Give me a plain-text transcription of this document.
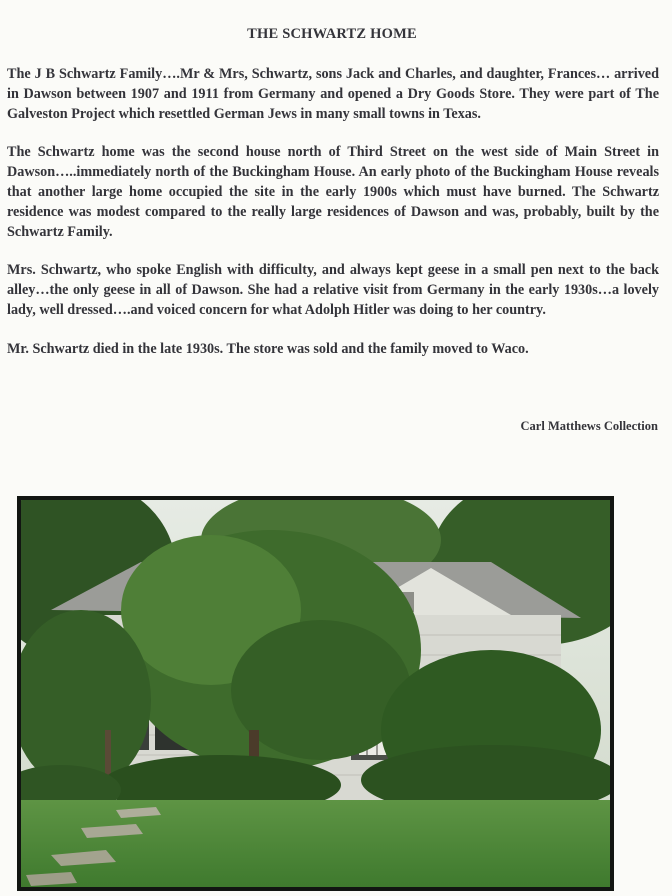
THE SCHWARTZ HOME

The J B Schwartz Family….Mr & Mrs, Schwartz, sons Jack and Charles, and daughter, Frances… arrived in Dawson between 1907 and 1911 from Germany and opened a Dry Goods Store. They were part of The Galveston Project which resettled German Jews in many small towns in Texas.

The Schwartz home was the second house north of Third Street on the west side of Main Street in Dawson…..immediately north of the Buckingham House. An early photo of the Buckingham House reveals that another large home occupied the site in the early 1900s which must have burned. The Schwartz residence was modest compared to the really large residences of Dawson and was, probably, built by the Schwartz Family.

Mrs. Schwartz, who spoke English with difficulty, and always kept geese in a small pen next to the back alley…the only geese in all of Dawson. She had a relative visit from Germany in the early 1930s…a lovely lady, well dressed….and voiced concern for what Adolph Hitler was doing to her country.

Mr. Schwartz died in the late 1930s. The store was sold and the family moved to Waco.

Carl Matthews Collection
